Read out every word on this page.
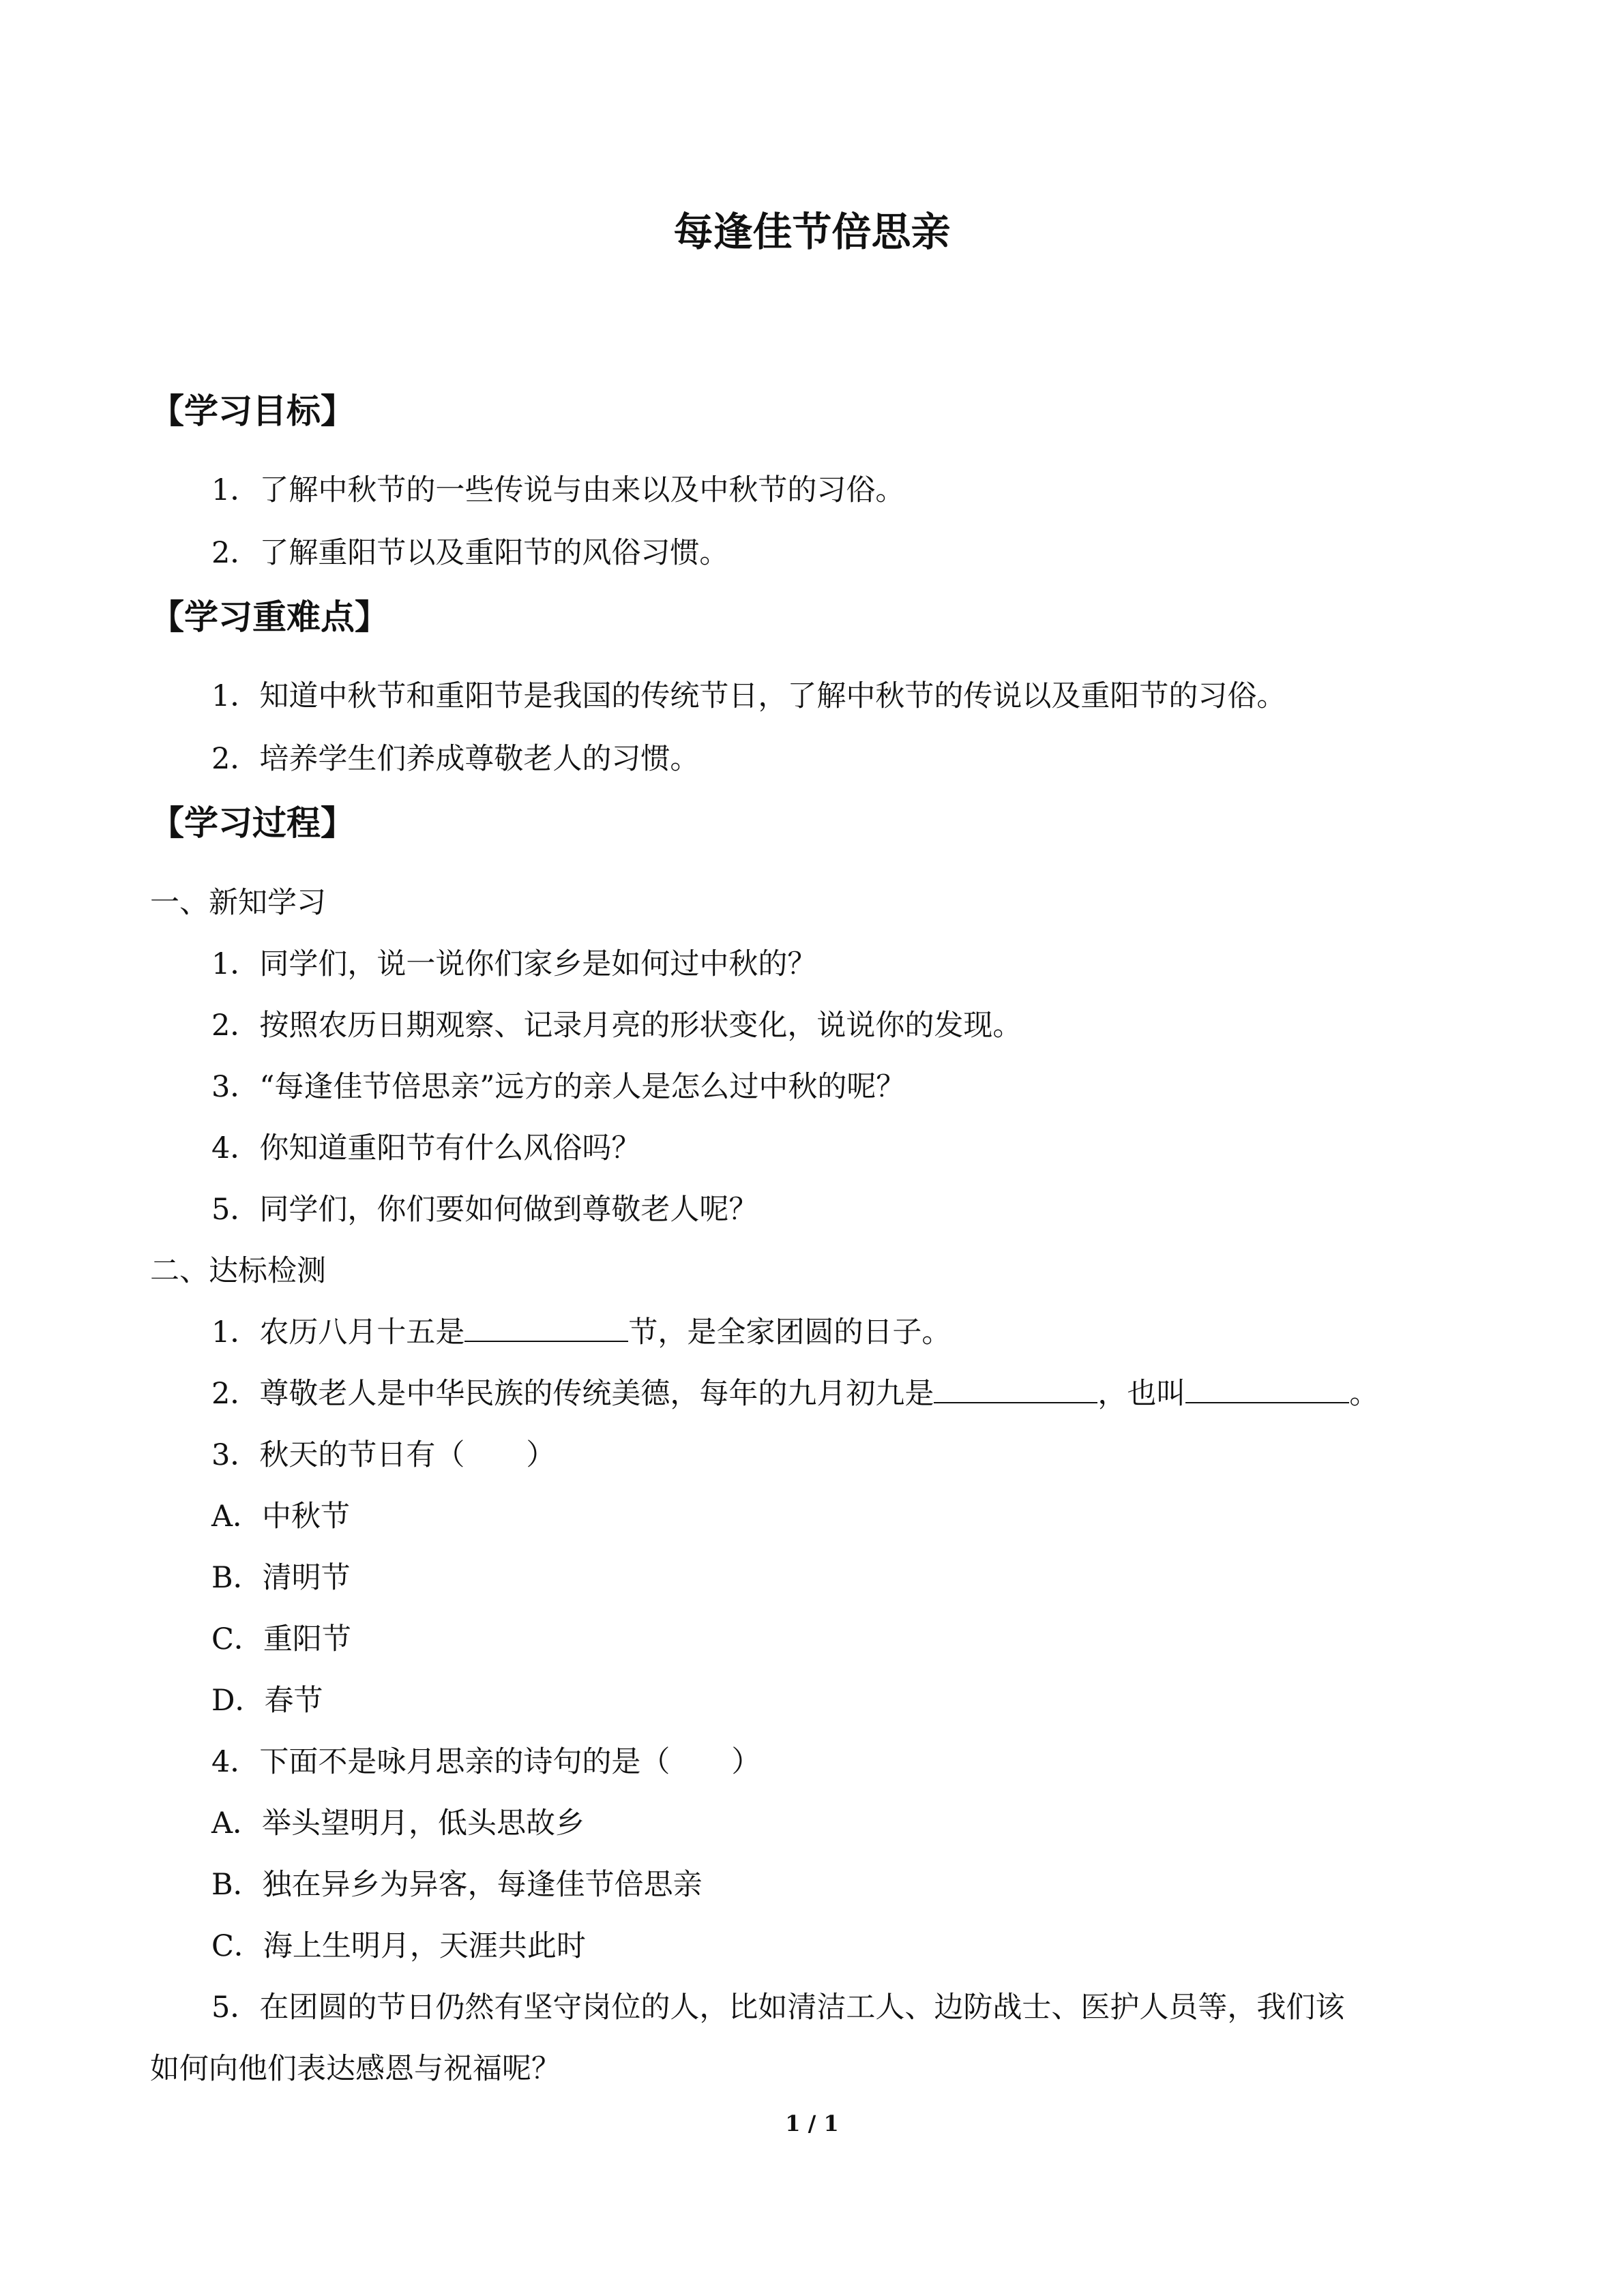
每逢佳节倍思亲
【学习目标】

1．了解中秋节的一些传说与由来以及中秋节的习俗。

2．了解重阳节以及重阳节的风俗习惯。

【学习重难点】

1．知道中秋节和重阳节是我国的传统节日，了解中秋节的传说以及重阳节的习俗。

2．培养学生们养成尊敬老人的习惯。

【学习过程】

一、新知学习

1．同学们，说一说你们家乡是如何过中秋的？

2．按照农历日期观察、记录月亮的形状变化，说说你的发现。

3．“每逢佳节倍思亲”远方的亲人是怎么过中秋的呢？

4．你知道重阳节有什么风俗吗？

5．同学们，你们要如何做到尊敬老人呢？

二、达标检测

1．农历八月十五是	节，是全家团圆的日子。

2．尊敬老人是中华民族的传统美德，每年的九月初九是	，也叫	。

3．秋天的节日有（ ）

A．中秋节

B．清明节

C．重阳节

D．春节

4．下面不是咏月思亲的诗句的是（ ）

A．举头望明月，低头思故乡

B．独在异乡为异客，每逢佳节倍思亲

C．海上生明月，天涯共此时

5．在团圆的节日仍然有坚守岗位的人，比如清洁工人、边防战士、医护人员等，我们该

如何向他们表达感恩与祝福呢？

1 / 1
